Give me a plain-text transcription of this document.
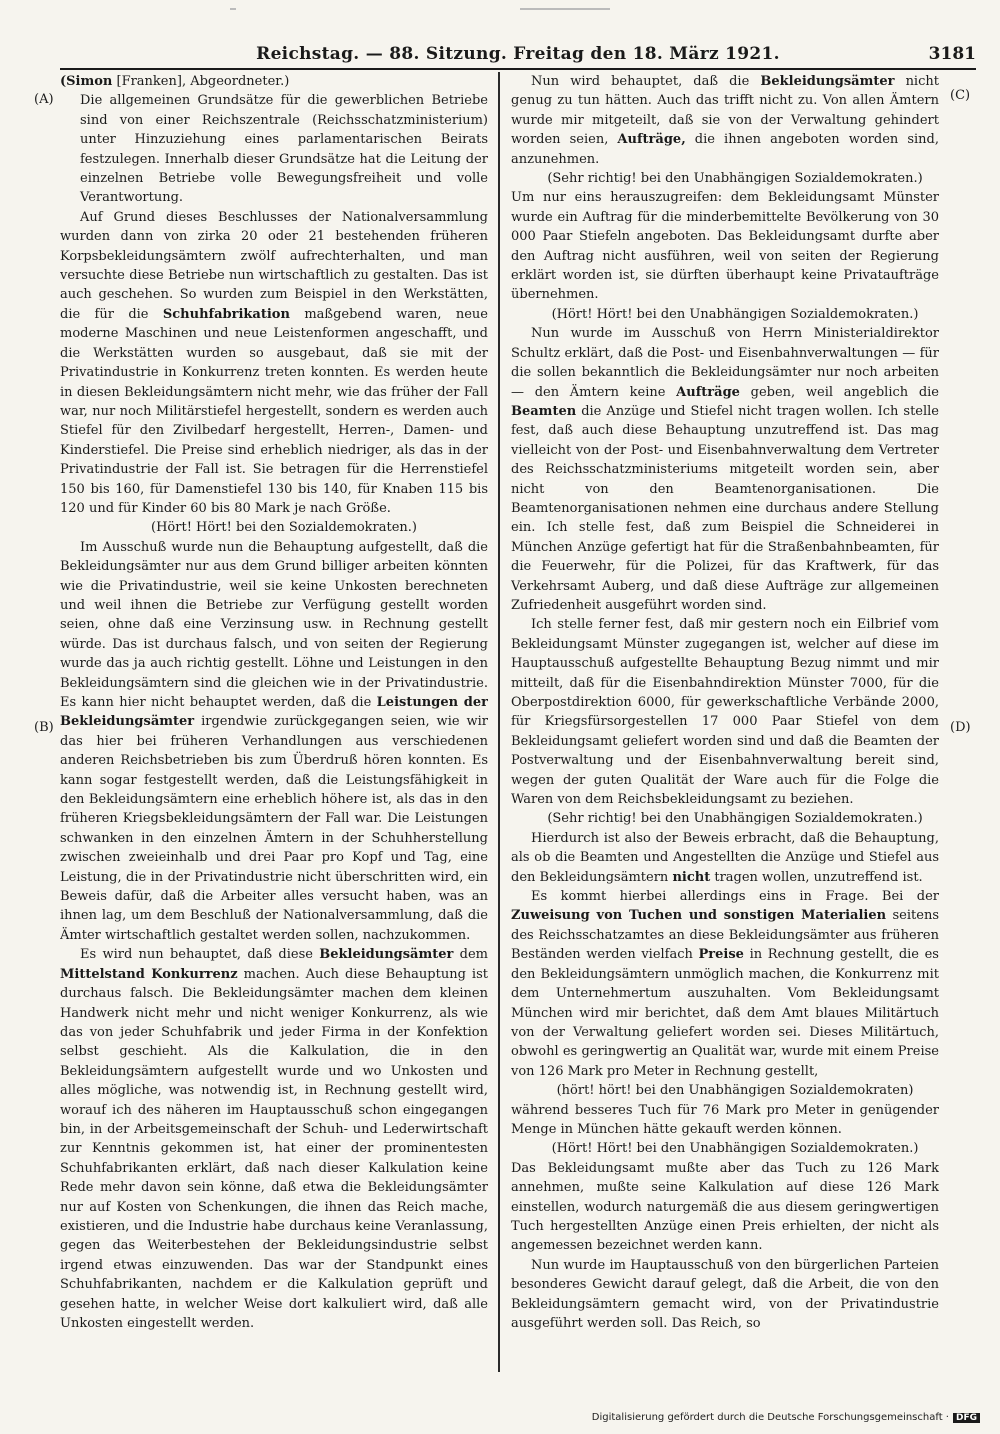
Reichstag. — 88. Sitzung. Freitag den 18. März 1921.	3181
(A)
(B)
(C)
(D)

(Simon [Franken], Abgeordneter.)

Die allgemeinen Grundsätze für die gewerblichen Betriebe sind von einer Reichszentrale (Reichsschatzministerium) unter Hinzuziehung eines parlamentarischen Beirats festzulegen. Innerhalb dieser Grundsätze hat die Leitung der einzelnen Betriebe volle Bewegungsfreiheit und volle Verantwortung.

Auf Grund dieses Beschlusses der Nationalversammlung wurden dann von zirka 20 oder 21 bestehenden früheren Korpsbekleidungsämtern zwölf aufrechterhalten, und man versuchte diese Betriebe nun wirtschaftlich zu gestalten. Das ist auch geschehen. So wurden zum Beispiel in den Werkstätten, die für die Schuhfabrikation maßgebend waren, neue moderne Maschinen und neue Leistenformen angeschafft, und die Werkstätten wurden so ausgebaut, daß sie mit der Privatindustrie in Konkurrenz treten konnten. Es werden heute in diesen Bekleidungsämtern nicht mehr, wie das früher der Fall war, nur noch Militärstiefel hergestellt, sondern es werden auch Stiefel für den Zivilbedarf hergestellt, Herren-, Damen- und Kinderstiefel. Die Preise sind erheblich niedriger, als das in der Privatindustrie der Fall ist. Sie betragen für die Herrenstiefel 150 bis 160, für Damenstiefel 130 bis 140, für Knaben 115 bis 120 und für Kinder 60 bis 80 Mark je nach Größe.

(Hört! Hört! bei den Sozialdemokraten.)

Im Ausschuß wurde nun die Behauptung aufgestellt, daß die Bekleidungsämter nur aus dem Grund billiger arbeiten könnten wie die Privatindustrie, weil sie keine Unkosten berechneten und weil ihnen die Betriebe zur Verfügung gestellt worden seien, ohne daß eine Verzinsung usw. in Rechnung gestellt würde. Das ist durchaus falsch, und von seiten der Regierung wurde das ja auch richtig gestellt. Löhne und Leistungen in den Bekleidungsämtern sind die gleichen wie in der Privatindustrie. Es kann hier nicht behauptet werden, daß die Leistungen der Bekleidungsämter irgendwie zurückgegangen seien, wie wir das hier bei früheren Verhandlungen aus verschiedenen anderen Reichsbetrieben bis zum Überdruß hören konnten. Es kann sogar festgestellt werden, daß die Leistungsfähigkeit in den Bekleidungsämtern eine erheblich höhere ist, als das in den früheren Kriegsbekleidungsämtern der Fall war. Die Leistungen schwanken in den einzelnen Ämtern in der Schuhherstellung zwischen zweieinhalb und drei Paar pro Kopf und Tag, eine Leistung, die in der Privatindustrie nicht überschritten wird, ein Beweis dafür, daß die Arbeiter alles versucht haben, was an ihnen lag, um dem Beschluß der Nationalversammlung, daß die Ämter wirtschaftlich gestaltet werden sollen, nachzukommen.

Es wird nun behauptet, daß diese Bekleidungsämter dem Mittelstand Konkurrenz machen. Auch diese Behauptung ist durchaus falsch. Die Bekleidungsämter machen dem kleinen Handwerk nicht mehr und nicht weniger Konkurrenz, als wie das von jeder Schuhfabrik und jeder Firma in der Konfektion selbst geschieht. Als die Kalkulation, die in den Bekleidungsämtern aufgestellt wurde und wo Unkosten und alles mögliche, was notwendig ist, in Rechnung gestellt wird, worauf ich des näheren im Hauptausschuß schon eingegangen bin, in der Arbeitsgemeinschaft der Schuh- und Lederwirtschaft zur Kenntnis gekommen ist, hat einer der prominentesten Schuhfabrikanten erklärt, daß nach dieser Kalkulation keine Rede mehr davon sein könne, daß etwa die Bekleidungsämter nur auf Kosten von Schenkungen, die ihnen das Reich mache, existieren, und die Industrie habe durchaus keine Veranlassung, gegen das Weiterbestehen der Bekleidungsindustrie selbst irgend etwas einzuwenden. Das war der Standpunkt eines Schuhfabrikanten, nachdem er die Kalkulation geprüft und gesehen hatte, in welcher Weise dort kalkuliert wird, daß alle Unkosten eingestellt werden.

Nun wird behauptet, daß die Bekleidungsämter nicht genug zu tun hätten. Auch das trifft nicht zu. Von allen Ämtern wurde mir mitgeteilt, daß sie von der Verwaltung gehindert worden seien, Aufträge, die ihnen angeboten worden sind, anzunehmen.

(Sehr richtig! bei den Unabhängigen Sozialdemokraten.)

Um nur eins herauszugreifen: dem Bekleidungsamt Münster wurde ein Auftrag für die minderbemittelte Bevölkerung von 30 000 Paar Stiefeln angeboten. Das Bekleidungsamt durfte aber den Auftrag nicht ausführen, weil von seiten der Regierung erklärt worden ist, sie dürften überhaupt keine Privataufträge übernehmen.

(Hört! Hört! bei den Unabhängigen Sozialdemokraten.)

Nun wurde im Ausschuß von Herrn Ministerialdirektor Schultz erklärt, daß die Post- und Eisenbahnverwaltungen — für die sollen bekanntlich die Bekleidungsämter nur noch arbeiten — den Ämtern keine Aufträge geben, weil angeblich die Beamten die Anzüge und Stiefel nicht tragen wollen. Ich stelle fest, daß auch diese Behauptung unzutreffend ist. Das mag vielleicht von der Post- und Eisenbahnverwaltung dem Vertreter des Reichsschatzministeriums mitgeteilt worden sein, aber nicht von den Beamtenorganisationen. Die Beamtenorganisationen nehmen eine durchaus andere Stellung ein. Ich stelle fest, daß zum Beispiel die Schneiderei in München Anzüge gefertigt hat für die Straßenbahnbeamten, für die Feuerwehr, für die Polizei, für das Kraftwerk, für das Verkehrsamt Auberg, und daß diese Aufträge zur allgemeinen Zufriedenheit ausgeführt worden sind.

Ich stelle ferner fest, daß mir gestern noch ein Eilbrief vom Bekleidungsamt Münster zugegangen ist, welcher auf diese im Hauptausschuß aufgestellte Behauptung Bezug nimmt und mir mitteilt, daß für die Eisenbahndirektion Münster 7000, für die Oberpostdirektion 6000, für gewerkschaftliche Verbände 2000, für Kriegsfürsorgestellen 17 000 Paar Stiefel von dem Bekleidungsamt geliefert worden sind und daß die Beamten der Postverwaltung und der Eisenbahnverwaltung bereit sind, wegen der guten Qualität der Ware auch für die Folge die Waren von dem Reichsbekleidungsamt zu beziehen.

(Sehr richtig! bei den Unabhängigen Sozialdemokraten.)

Hierdurch ist also der Beweis erbracht, daß die Behauptung, als ob die Beamten und Angestellten die Anzüge und Stiefel aus den Bekleidungsämtern nicht tragen wollen, unzutreffend ist.

Es kommt hierbei allerdings eins in Frage. Bei der Zuweisung von Tuchen und sonstigen Materialien seitens des Reichsschatzamtes an diese Bekleidungsämter aus früheren Beständen werden vielfach Preise in Rechnung gestellt, die es den Bekleidungsämtern unmöglich machen, die Konkurrenz mit dem Unternehmertum auszuhalten. Vom Bekleidungsamt München wird mir berichtet, daß dem Amt blaues Militärtuch von der Verwaltung geliefert worden sei. Dieses Militärtuch, obwohl es geringwertig an Qualität war, wurde mit einem Preise von 126 Mark pro Meter in Rechnung gestellt,

(hört! hört! bei den Unabhängigen Sozialdemokraten)

während besseres Tuch für 76 Mark pro Meter in genügender Menge in München hätte gekauft werden können.

(Hört! Hört! bei den Unabhängigen Sozialdemokraten.)

Das Bekleidungsamt mußte aber das Tuch zu 126 Mark annehmen, mußte seine Kalkulation auf diese 126 Mark einstellen, wodurch naturgemäß die aus diesem geringwertigen Tuch hergestellten Anzüge einen Preis erhielten, der nicht als angemessen bezeichnet werden kann.

Nun wurde im Hauptausschuß von den bürgerlichen Parteien besonderes Gewicht darauf gelegt, daß die Arbeit, die von den Bekleidungsämtern gemacht wird, von der Privatindustrie ausgeführt werden soll. Das Reich, so

Digitalisierung gefördert durch die Deutsche Forschungsgemeinschaft · DFG
